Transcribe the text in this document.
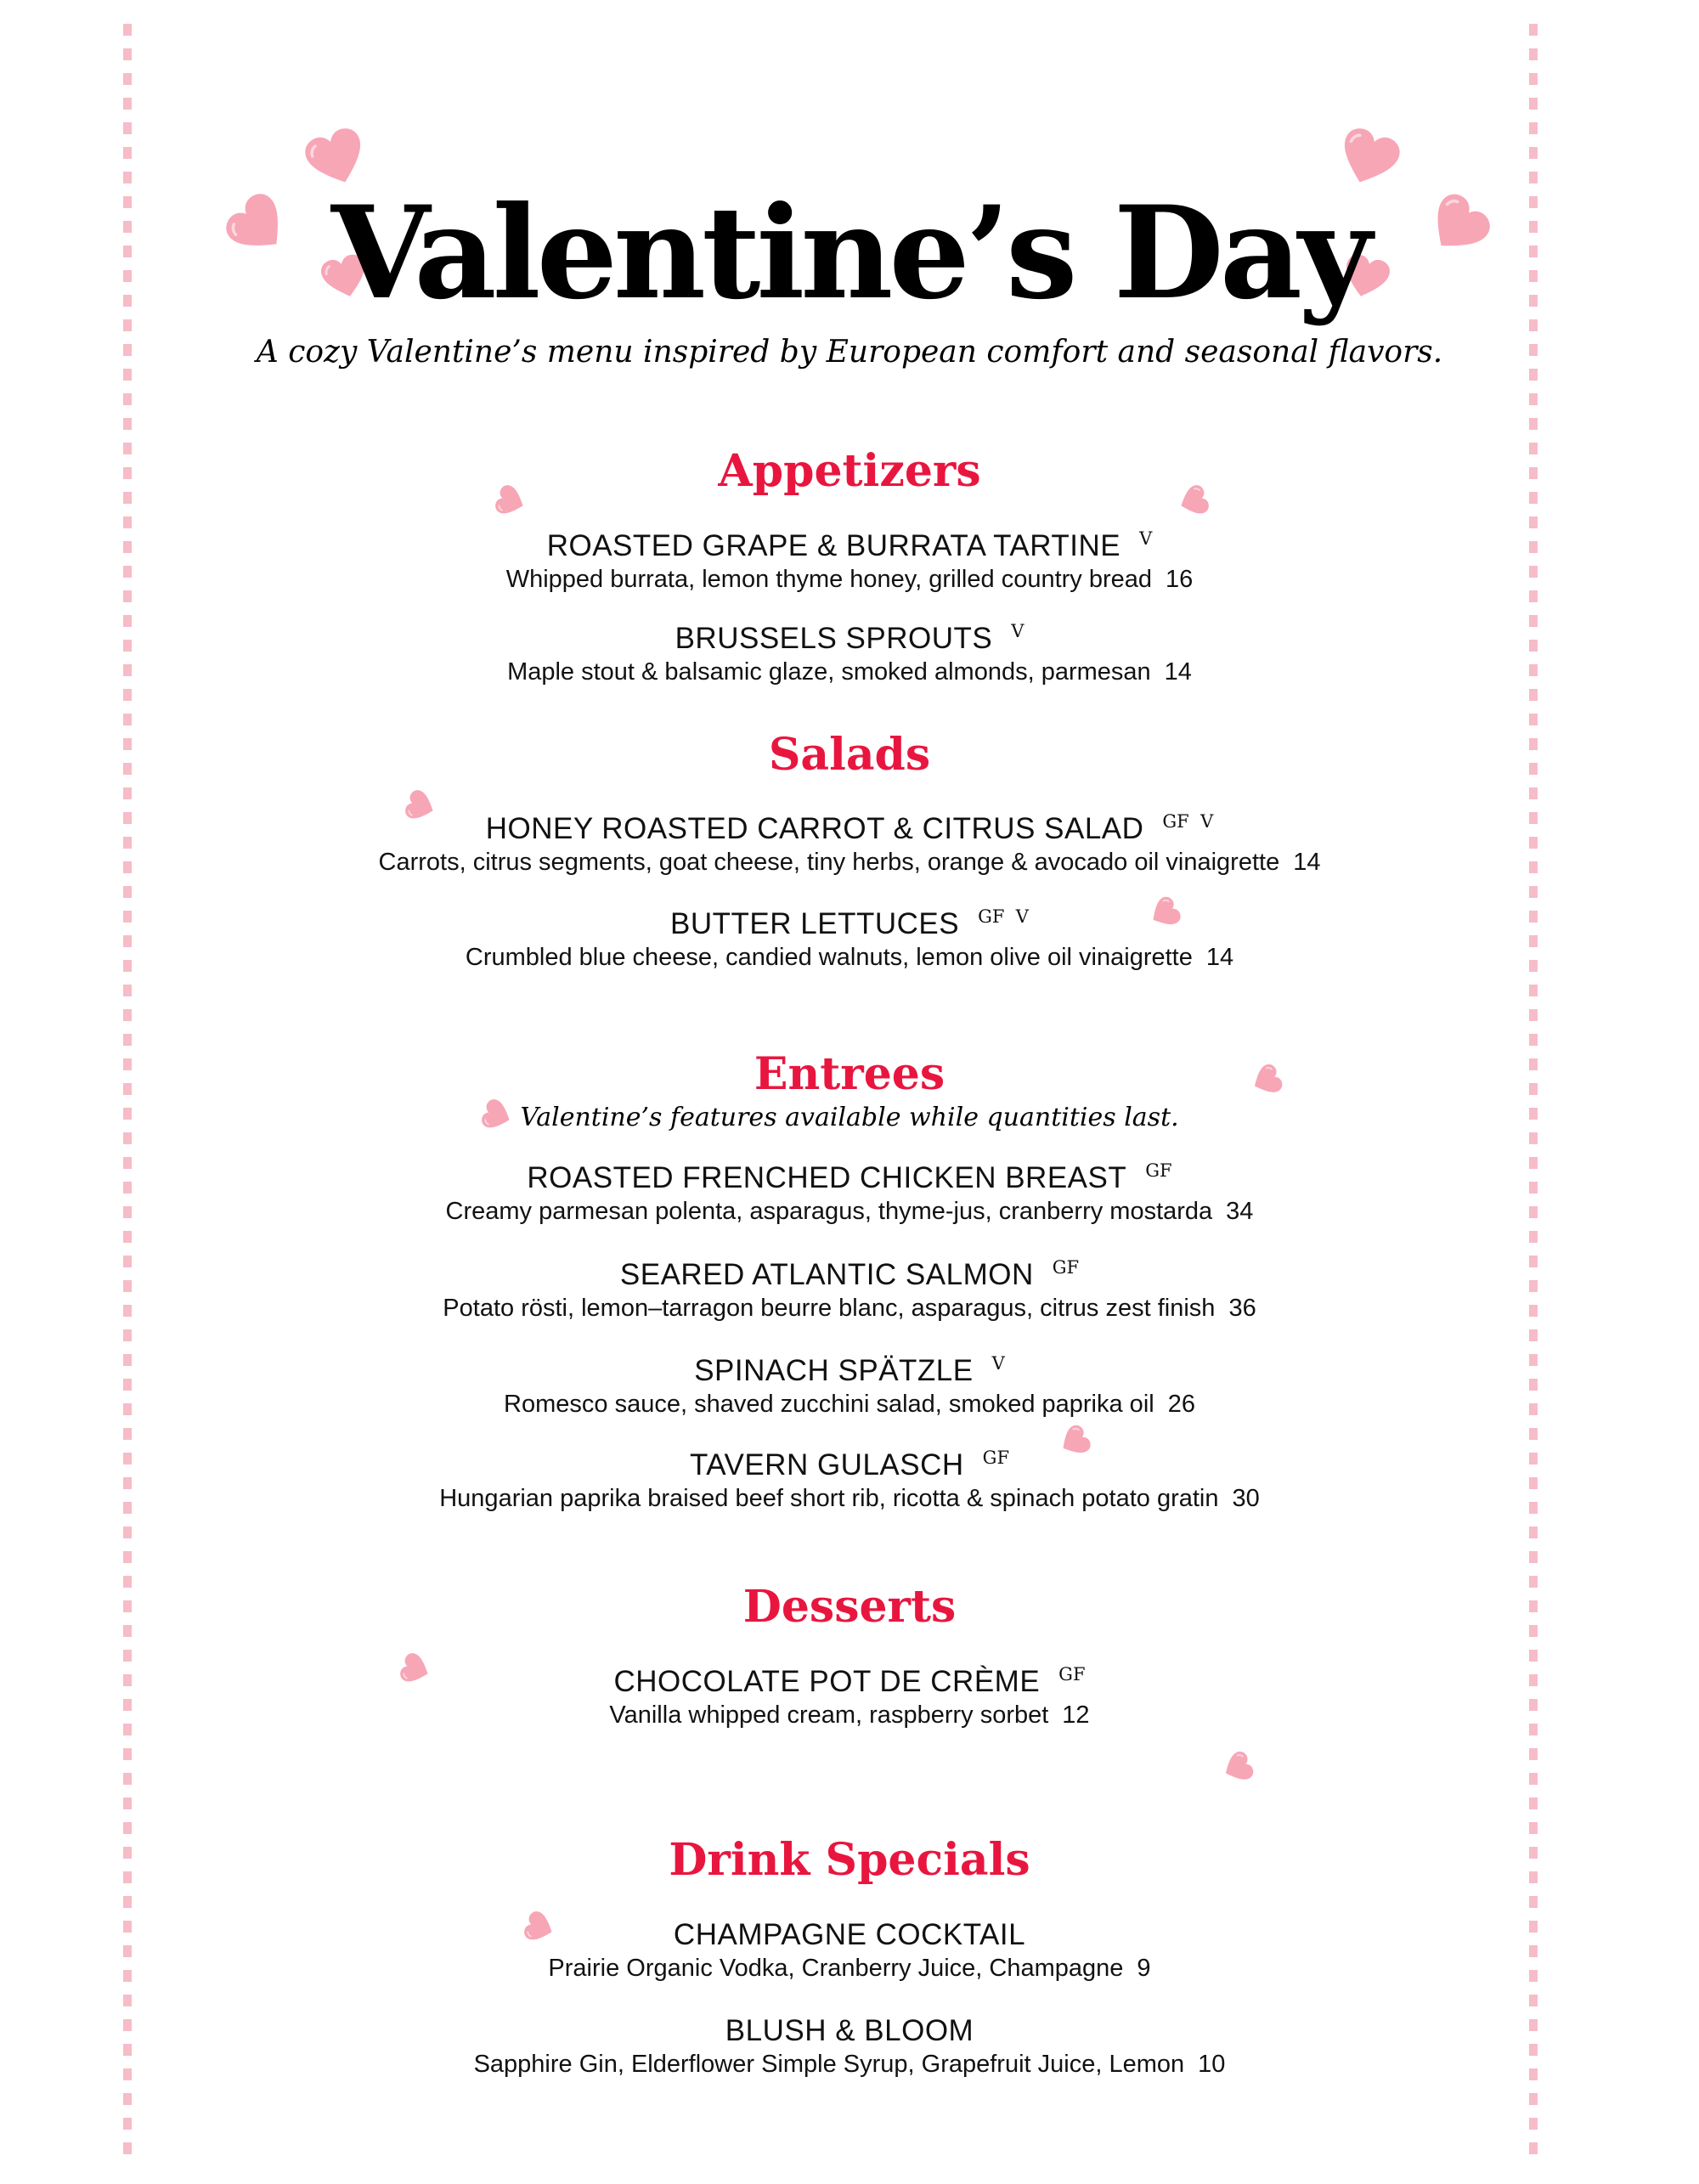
Valentine’s Day
A cozy Valentine’s menu inspired by European comfort and seasonal flavors.
Appetizers
ROASTED GRAPE & BURRATA TARTINE V
Whipped burrata, lemon thyme honey, grilled country bread 16
BRUSSELS SPROUTS V
Maple stout & balsamic glaze, smoked almonds, parmesan 14
Salads
HONEY ROASTED CARROT & CITRUS SALAD GF  V
Carrots, citrus segments, goat cheese, tiny herbs, orange & avocado oil vinaigrette 14
BUTTER LETTUCES GF  V
Crumbled blue cheese, candied walnuts, lemon olive oil vinaigrette 14
Entrees
Valentine’s features available while quantities last.
ROASTED FRENCHED CHICKEN BREAST GF
Creamy parmesan polenta, asparagus, thyme-jus, cranberry mostarda 34
SEARED ATLANTIC SALMON GF
Potato rösti, lemon–tarragon beurre blanc, asparagus, citrus zest finish 36
SPINACH SPÄTZLE V
Romesco sauce, shaved zucchini salad, smoked paprika oil 26
TAVERN GULASCH GF
Hungarian paprika braised beef short rib, ricotta & spinach potato gratin 30
Desserts
CHOCOLATE POT DE CRÈME GF
Vanilla whipped cream, raspberry sorbet 12
Drink Specials
CHAMPAGNE COCKTAIL
Prairie Organic Vodka, Cranberry Juice, Champagne 9
BLUSH & BLOOM
Sapphire Gin, Elderflower Simple Syrup, Grapefruit Juice, Lemon 10
